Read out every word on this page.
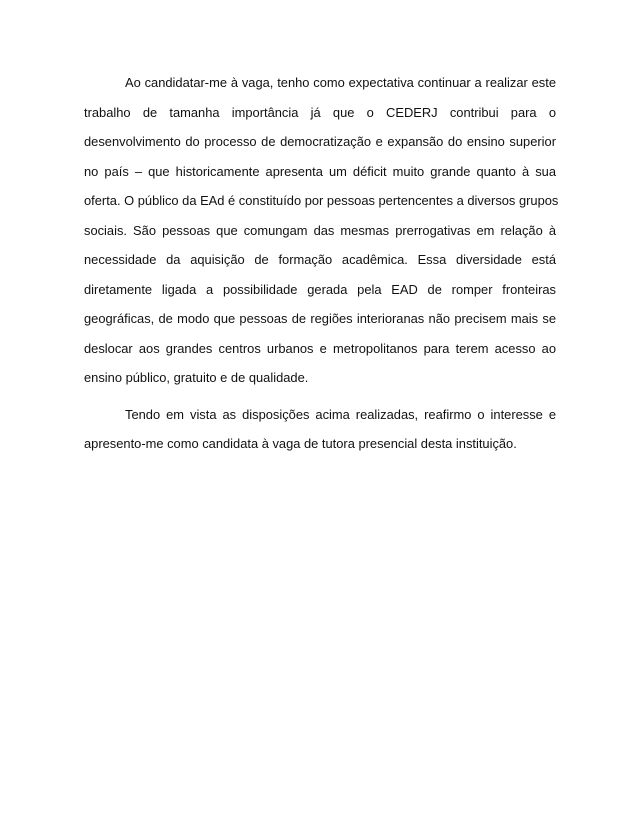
Ao candidatar-me à vaga, tenho como expectativa continuar a realizar este
trabalho de tamanha importância já que o CEDERJ contribui para o
desenvolvimento do processo de democratização e expansão do ensino superior
no país – que historicamente apresenta um déficit muito grande quanto à sua
oferta. O público da EAd é constituído por pessoas pertencentes a diversos grupos
sociais. São pessoas que comungam das mesmas prerrogativas em relação à
necessidade da aquisição de formação acadêmica. Essa diversidade está
diretamente ligada a possibilidade gerada pela EAD de romper fronteiras
geográficas, de modo que pessoas de regiões interioranas não precisem mais se
deslocar aos grandes centros urbanos e metropolitanos para terem acesso ao
ensino público, gratuito e de qualidade.
Tendo em vista as disposições acima realizadas, reafirmo o interesse e
apresento-me como candidata à vaga de tutora presencial desta instituição.
